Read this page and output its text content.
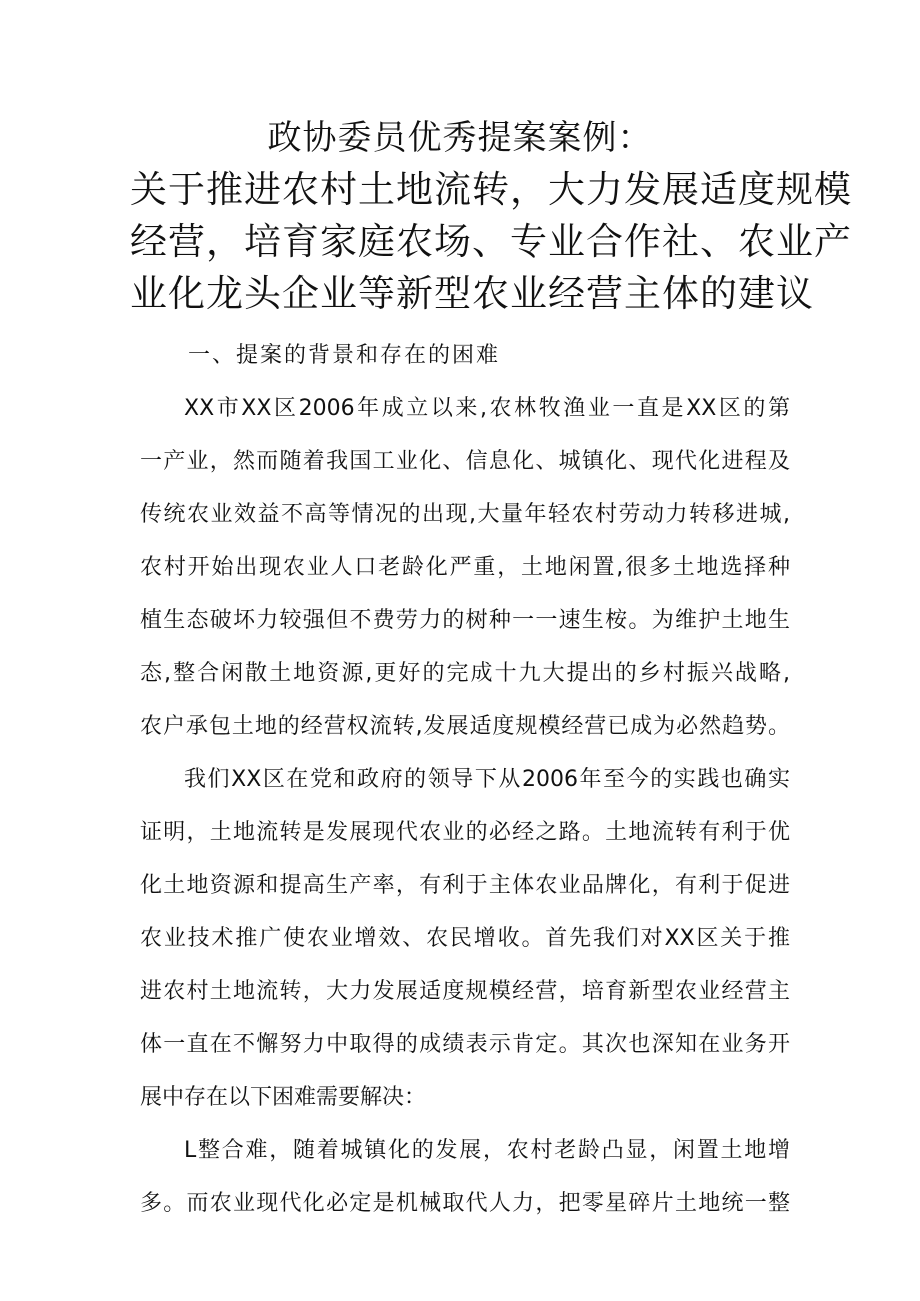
政协委员优秀提案案例：
关于推进农村土地流转，大力发展适度规模
经营，培育家庭农场、专业合作社、农业产
业化龙头企业等新型农业经营主体的建议
一、提案的背景和存在的困难
XX市XX区2006年成立以来,农林牧渔业一直是XX区的第
一产业，然而随着我国工业化、信息化、城镇化、现代化进程及
传统农业效益不高等情况的出现,大量年轻农村劳动力转移进城,
农村开始出现农业人口老龄化严重，土地闲置,很多土地选择种
植生态破坏力较强但不费劳力的树种一一速生桉。为维护土地生
态,整合闲散土地资源,更好的完成十九大提出的乡村振兴战略,
农户承包土地的经营权流转,发展适度规模经营已成为必然趋势。
我们XX区在党和政府的领导下从2006年至今的实践也确实
证明，土地流转是发展现代农业的必经之路。土地流转有利于优
化土地资源和提高生产率，有利于主体农业品牌化，有利于促进
农业技术推广使农业增效、农民增收。首先我们对XX区关于推
进农村土地流转，大力发展适度规模经营，培育新型农业经营主
体一直在不懈努力中取得的成绩表示肯定。其次也深知在业务开
展中存在以下困难需要解决：
L整合难，随着城镇化的发展，农村老龄凸显，闲置土地增
多。而农业现代化必定是机械取代人力，把零星碎片土地统一整
